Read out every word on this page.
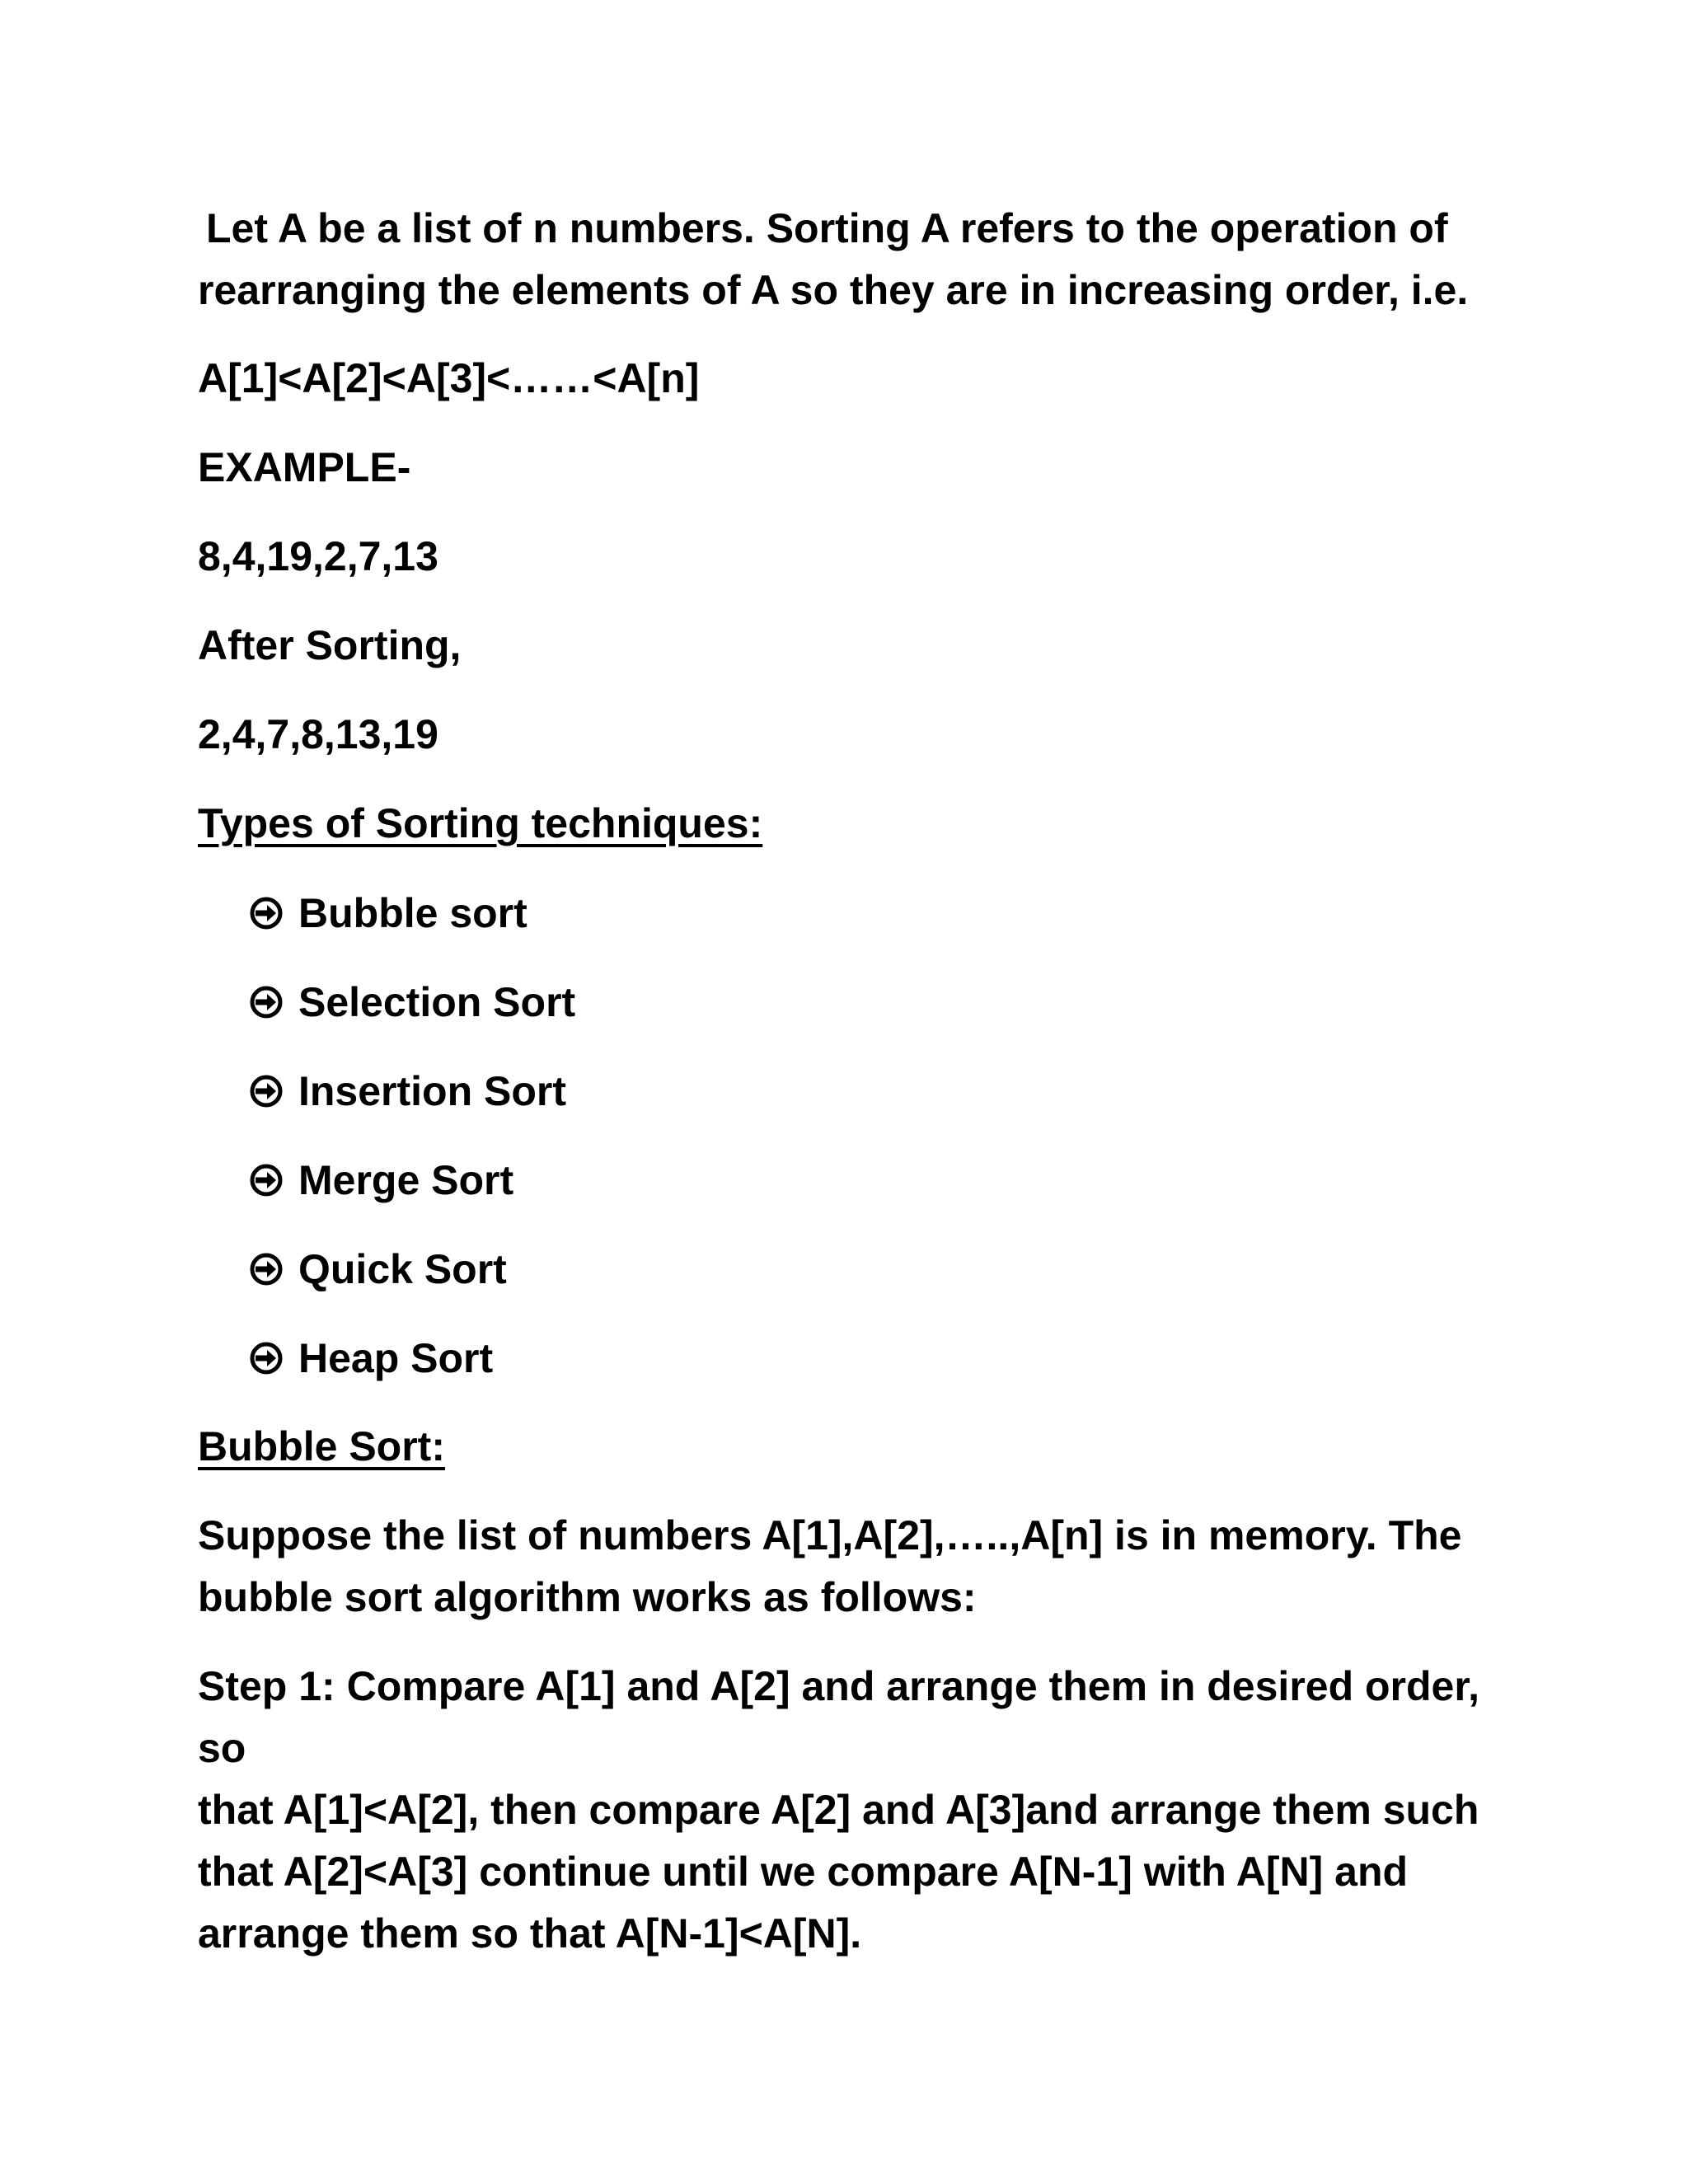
Let A be a list of n numbers. Sorting A refers to the operation of
rearranging the elements of A so they are in increasing order, i.e.

A[1]<A[2]<A[3]<……<A[n]

EXAMPLE-

8,4,19,2,7,13

After Sorting,

2,4,7,8,13,19

Types of Sorting techniques:

Bubble sort
Selection Sort
Insertion Sort
Merge Sort
Quick Sort
Heap Sort

Bubble Sort:

Suppose the list of numbers A[1],A[2],…..,A[n] is in memory. The
bubble sort algorithm works as follows:

Step 1: Compare A[1] and A[2] and arrange them in desired order, so
that A[1]<A[2], then compare A[2] and A[3]and arrange them such
that A[2]<A[3] continue until we compare A[N-1] with A[N] and
arrange them so that A[N-1]<A[N].
